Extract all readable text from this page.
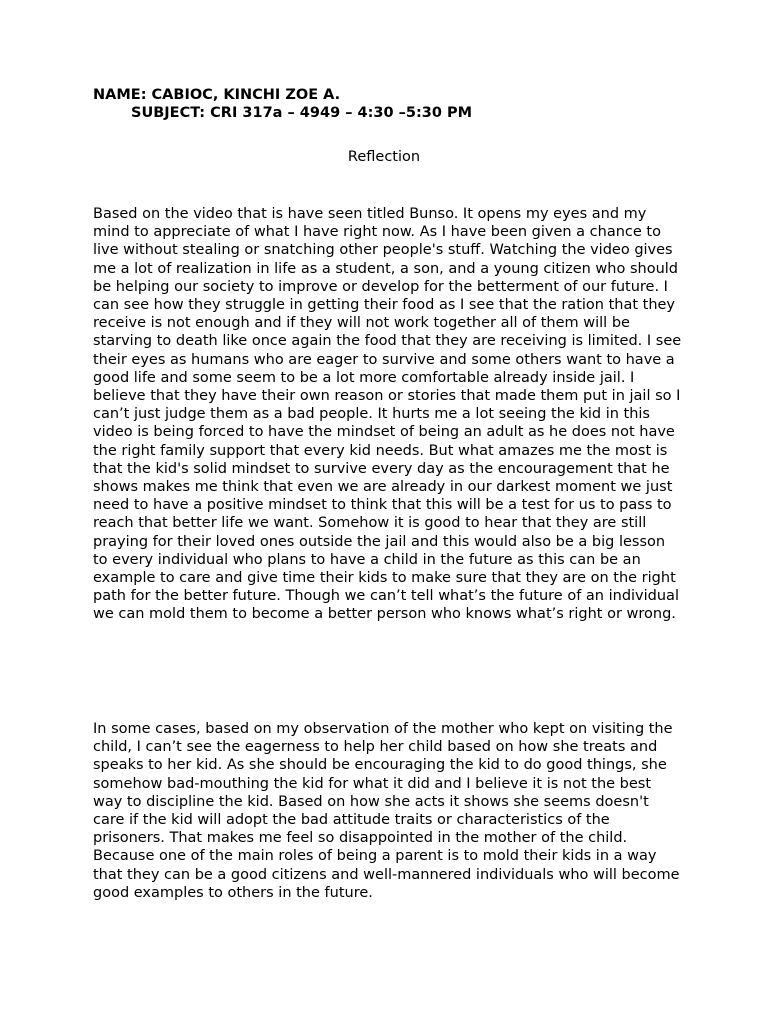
NAME: CABIOC, KINCHI ZOE A.
SUBJECT: CRI 317a – 4949 – 4:30 –5:30 PM
Reflection

Based on the video that is have seen titled Bunso. It opens my eyes and my mind to appreciate of what I have right now. As I have been given a chance to live without stealing or snatching other people's stuff. Watching the video gives me a lot of realization in life as a student, a son, and a young citizen who should be helping our society to improve or develop for the betterment of our future. I can see how they struggle in getting their food as I see that the ration that they receive is not enough and if they will not work together all of them will be starving to death like once again the food that they are receiving is limited. I see their eyes as humans who are eager to survive and some others want to have a good life and some seem to be a lot more comfortable already inside jail. I believe that they have their own reason or stories that made them put in jail so I can’t just judge them as a bad people. It hurts me a lot seeing the kid in this video is being forced to have the mindset of being an adult as he does not have the right family support that every kid needs. But what amazes me the most is that the kid's solid mindset to survive every day as the encouragement that he shows makes me think that even we are already in our darkest moment we just need to have a positive mindset to think that this will be a test for us to pass to reach that better life we want. Somehow it is good to hear that they are still praying for their loved ones outside the jail and this would also be a big lesson to every individual who plans to have a child in the future as this can be an example to care and give time their kids to make sure that they are on the right path for the better future. Though we can’t tell what’s the future of an individual we can mold them to become a better person who knows what’s right or wrong.

In some cases, based on my observation of the mother who kept on visiting the child, I can’t see the eagerness to help her child based on how she treats and speaks to her kid. As she should be encouraging the kid to do good things, she somehow bad-mouthing the kid for what it did and I believe it is not the best way to discipline the kid. Based on how she acts it shows she seems doesn't care if the kid will adopt the bad attitude traits or characteristics of the prisoners. That makes me feel so disappointed in the mother of the child. Because one of the main roles of being a parent is to mold their kids in a way that they can be a good citizens and well-mannered individuals who will become good examples to others in the future.
